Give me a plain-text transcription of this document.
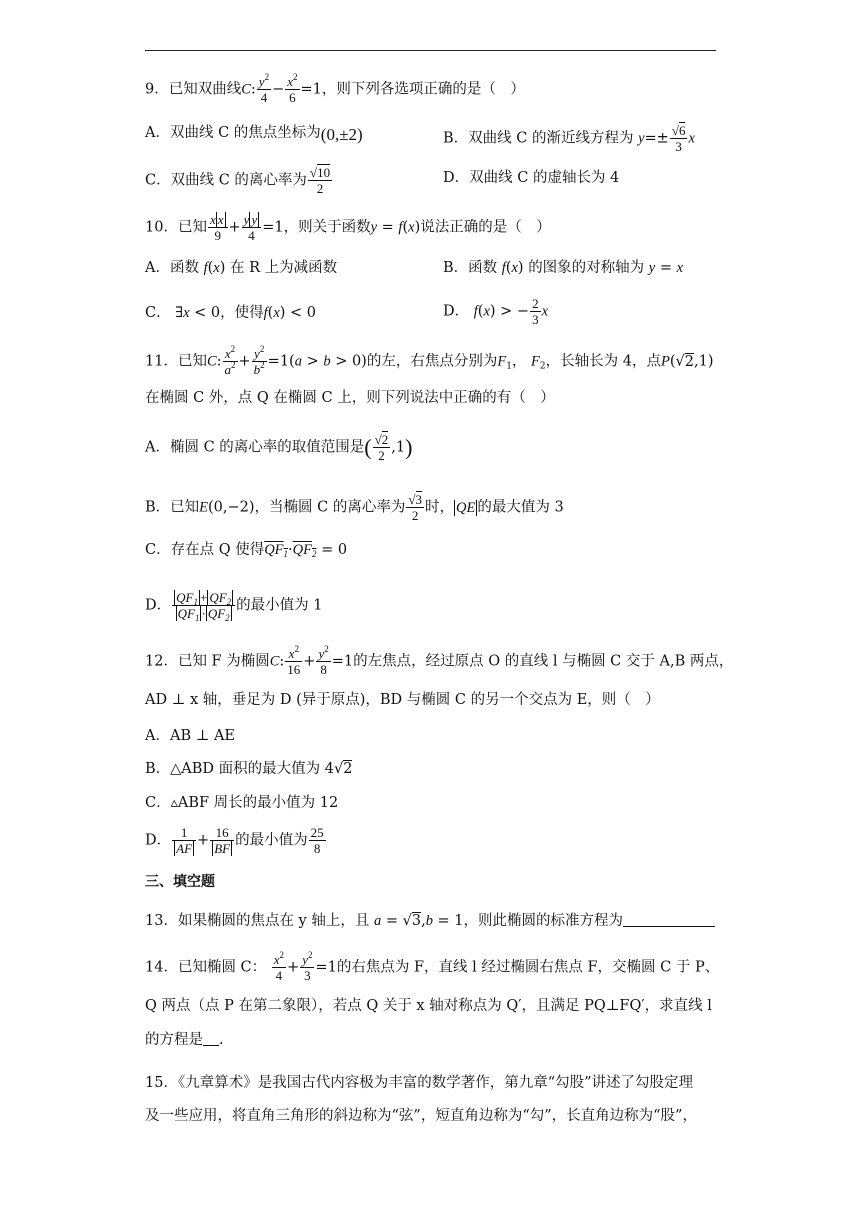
9．已知双曲线C: $\frac{y^2}{4} - \frac{x^2}{6} =1$，则下列各选项正确的是（　）
A．双曲线 C 的焦点坐标为(0,±2)	B．双曲线 C 的渐近线方程为 $y=\pm \frac{√6}{3}$ x
C．双曲线 C 的离心率为 $\frac{√10}{2}$	D．双曲线 C 的虚轴长为 4
10．已知 $\frac{\text{x x}}{9} + \frac{\text{y y}}{4} =1$，则关于函数y = f(x)说法正确的是（　）
A．函数 f(x) 在 R 上为减函数	B．函数 f(x) 的图象的对称轴为 y = x
C． ∃x < 0，使得f(x) < 0	D． f(x) > − $\frac{2}{3}$ x
11．已知C: $\frac{x^2}{a^2} + \frac{y^2}{b^2} =1(a > b > 0)$的左，右焦点分别为$F_1$， $F_2$，长轴长为 4，点P(√2,1)
在椭圆 C 外，点 Q 在椭圆 C 上，则下列说法中正确的有（　）
A．椭圆 C 的离心率的取值范围是( $\frac{√2}{2} ,1$)
B．已知E(0,−2)，当椭圆 C 的离心率为 $\frac{√3}{2}$ 时， QE 的最大值为 3
C．存在点 Q 使得$QF_1\cdot QF_2 = 0$
D． $\frac{QF_1 + QF_2}{QF_1 \cdot QF_2}$ 的最小值为 1
12．已知 F 为椭圆C: $\frac{x^2}{16} + \frac{y^2}{8} =1$的左焦点，经过原点 O 的直线 l 与椭圆 C 交于 A,B 两点，
AD ⊥ x 轴，垂足为 D (异于原点)，BD 与椭圆 C 的另一个交点为 E，则（　）
A．AB ⊥ AE
B．△ABD 面积的最大值为 4√2
C．▵ABF 周长的最小值为 12
D． $\frac{1}{AF} + \frac{16}{BF}$ 的最小值为 $\frac{25}{8}$
三、填空题
13．如果椭圆的焦点在 y 轴上，且 a = √3,b = 1，则此椭圆的标准方程为
14．已知椭圆 C： $\frac{x^2}{4} + \frac{y^2}{3} =1$的右焦点为 F，直线 l 经过椭圆右焦点 F，交椭圆 C 于 P、
Q 两点（点 P 在第二象限），若点 Q 关于 x 轴对称点为 Q′，且满足 PQ⊥FQ′，求直线 l
的方程是 .
15．《九章算术》是我国古代内容极为丰富的数学著作，第九章“勾股”讲述了勾股定理
及一些应用，将直角三角形的斜边称为“弦”，短直角边称为“勾”，长直角边称为“股”，
